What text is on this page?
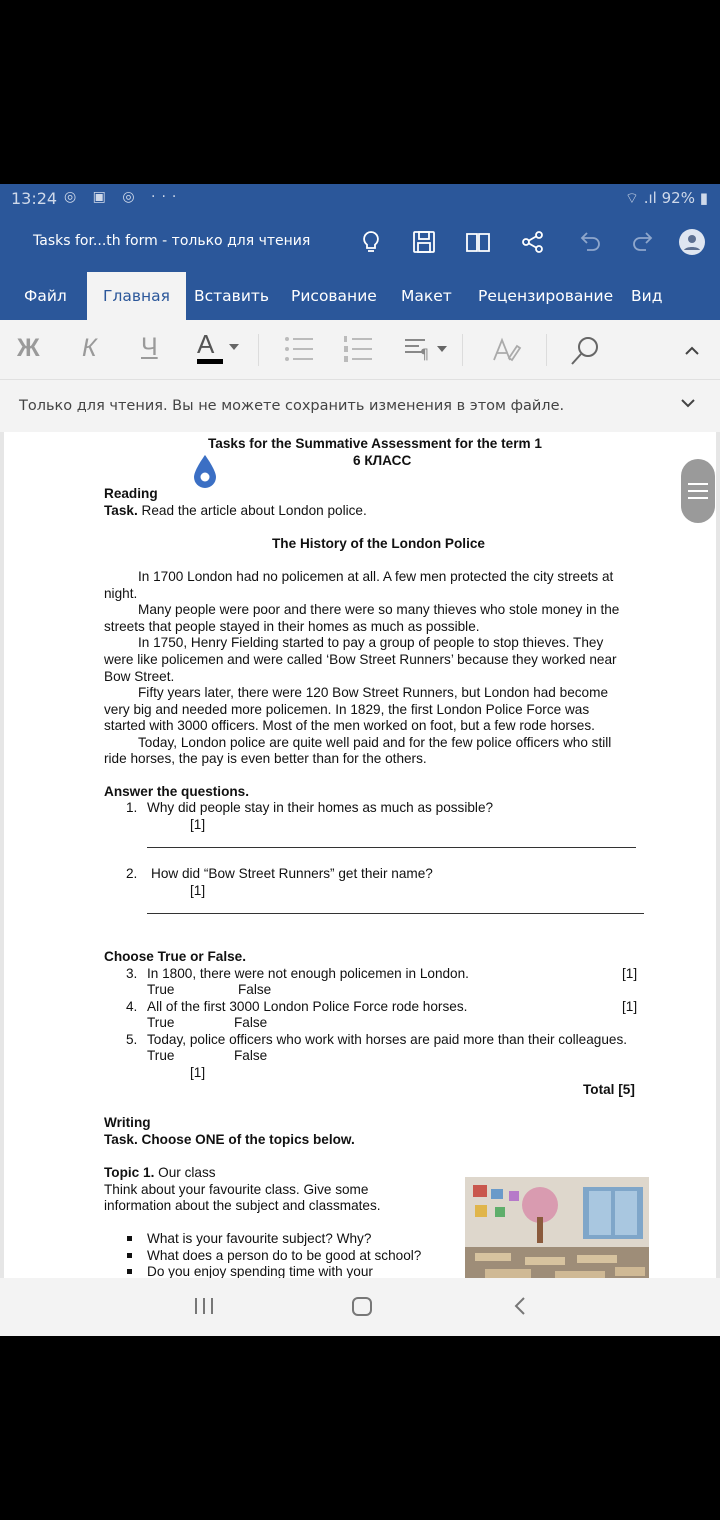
13:24 ◎ ▣ ◎ ···	⌔ .ıl 92% ▮
Tasks for...th form - только для чтения
Файл	Главная	Вставить Рисование Макет Рецензирование Вид
Ж К Ч A	¶
Только для чтения. Вы не можете сохранить изменения в этом файле.
Tasks for the Summative Assessment for the term 1
6 КЛАСС
Reading
Task. Read the article about London police.
The History of the London Police
In 1700 London had no policemen at all. A few men protected the city streets at
night.
Many people were poor and there were so many thieves who stole money in the
streets that people stayed in their homes as much as possible.
In 1750, Henry Fielding started to pay a group of people to stop thieves. They
were like policemen and were called ‘Bow Street Runners’ because they worked near
Bow Street.
Fifty years later, there were 120 Bow Street Runners, but London had become
very big and needed more policemen. In 1829, the first London Police Force was
started with 3000 officers. Most of the men worked on foot, but a few rode horses.
Today, London police are quite well paid and for the few police officers who still
ride horses, the pay is even better than for the others.
Answer the questions.
1. Why did people stay in their homes as much as possible?
[1]
2. How did “Bow Street Runners” get their name?
[1]
Choose True or False.
3. In 1800, there were not enough policemen in London.	[1]
True	False
4. All of the first 3000 London Police Force rode horses.	[1]
True	False
5. Today, police officers who work with horses are paid more than their colleagues.
True	False
[1]
Total [5]
Writing
Task. Choose ONE of the topics below.
Topic 1. Our class
Think about your favourite class. Give some
information about the subject and classmates.
What is your favourite subject? Why?
What does a person do to be good at school?
Do you enjoy spending time with your
